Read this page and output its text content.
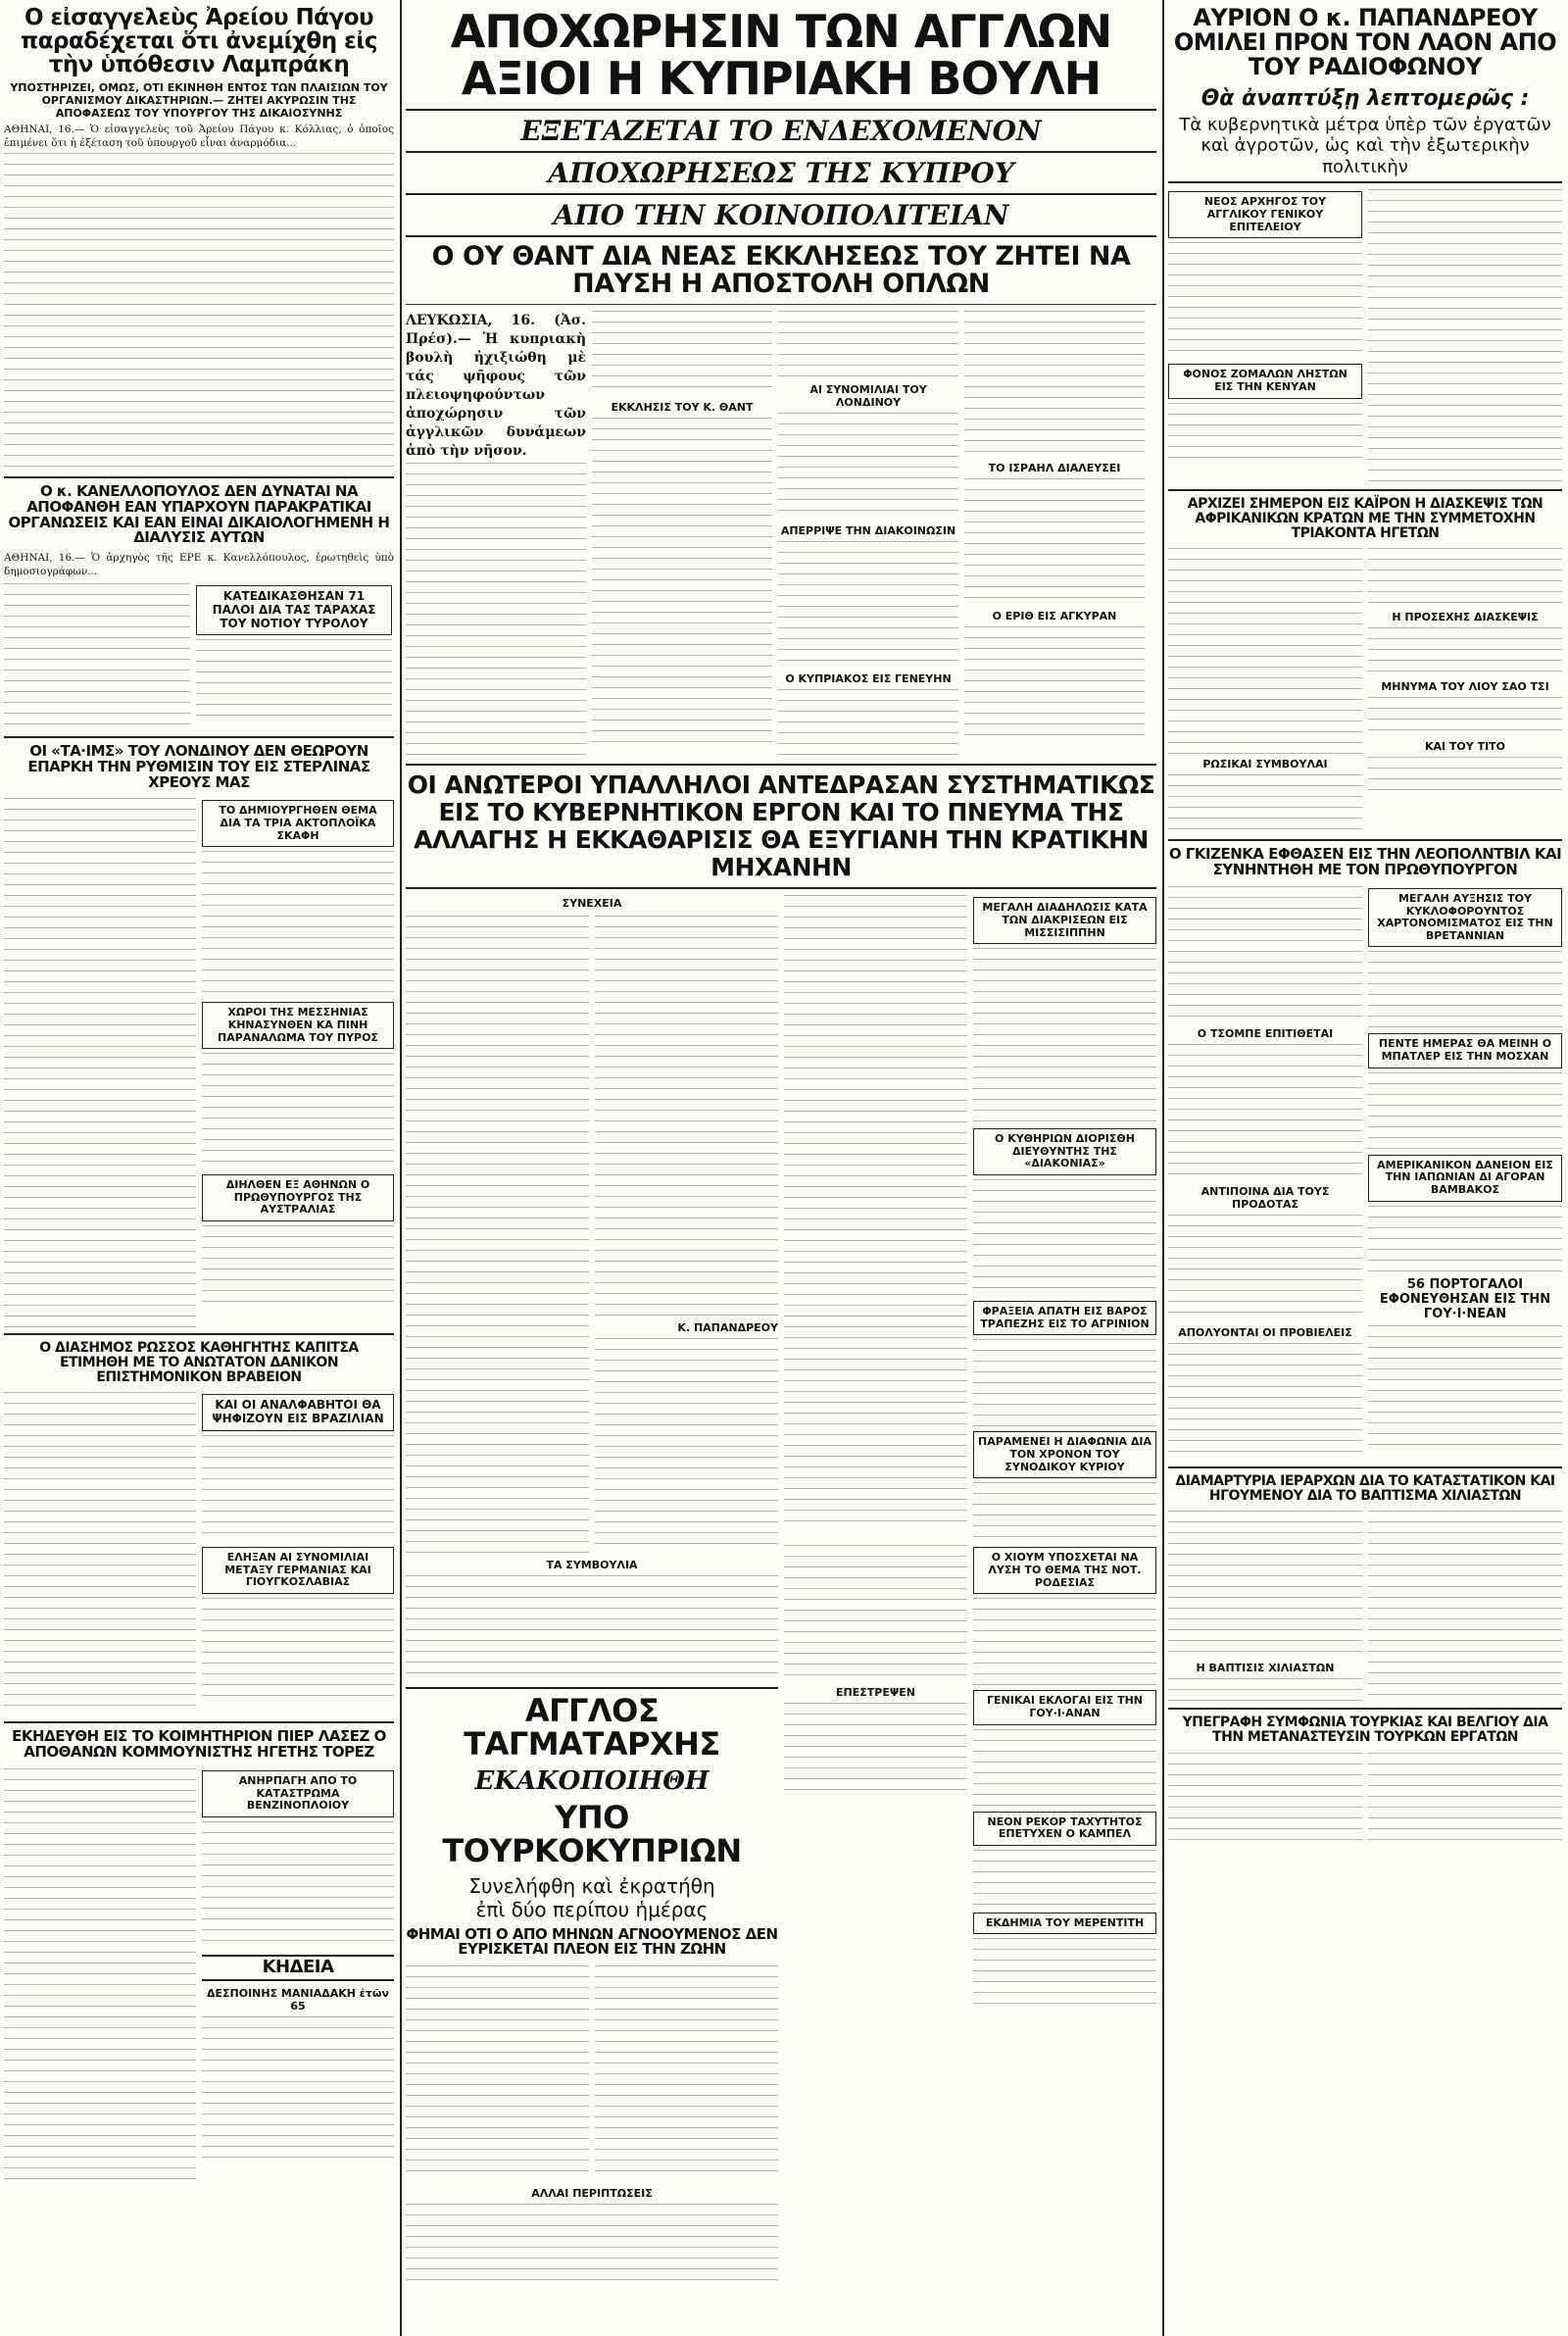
Ο εἰσαγγελεὺς Ἀρείου Πάγου παραδέχεται ὅτι ἀνεμίχθη εἰς τὴν ὑπόθεσιν Λαμπράκη
ΥΠΟΣΤΗΡΙΖΕΙ, ΟΜΩΣ, ΟΤΙ ΕΚΙΝΗΘΗ ΕΝΤΟΣ ΤΩΝ ΠΛΑΙΣΙΩΝ ΤΟΥ ΟΡΓΑΝΙΣΜΟΥ ΔΙΚΑΣΤΗΡΙΩΝ.— ΖΗΤΕΙ ΑΚΥΡΩΣΙΝ ΤΗΣ ΑΠΟΦΑΣΕΩΣ ΤΟΥ ΥΠΟΥΡΓΟΥ ΤΗΣ ΔΙΚΑΙΟΣΥΝΗΣ
ΑΘΗΝΑΙ, 16.— Ὁ εἰσαγγελεὺς τοῦ Ἀρείου Πάγου κ. Κόλλιας, ὁ ὁποῖος ἐπιμένει ὅτι ἡ ἐξέταση τοῦ ὑπουργοῦ εἶναι ἀναρμόδια...
Ο κ. ΚΑΝΕΛΛΟΠΟΥΛΟΣ ΔΕΝ ΔΥΝΑΤΑΙ ΝΑ ΑΠΟΦΑΝΘΗ ΕΑΝ ΥΠΑΡΧΟΥΝ ΠΑΡΑΚΡΑΤΙΚΑΙ ΟΡΓΑΝΩΣΕΙΣ ΚΑΙ ΕΑΝ ΕΙΝΑΙ ΔΙΚΑΙΟΛΟΓΗΜΕΝΗ Η ΔΙΑΛΥΣΙΣ ΑΥΤΩΝ
ΑΘΗΝΑΙ, 16.— Ὁ ἀρχηγὸς τῆς ΕΡΕ κ. Κανελλόπουλος, ἐρωτηθεὶς ὑπὸ δημοσιογράφων...
ΚΑΤΕΔΙΚΑΣΘΗΣΑΝ 71 ΠΑΛΟΙ ΔΙΑ ΤΑΣ ΤΑΡΑΧΑΣ ΤΟΥ ΝΟΤΙΟΥ ΤΥΡΟΛΟΥ
ΟΙ «ΤΑ·ΙΜΣ» ΤΟΥ ΛΟΝΔΙΝΟΥ ΔΕΝ ΘΕΩΡΟΥΝ ΕΠΑΡΚΗ ΤΗΝ ΡΥΘΜΙΣΙΝ ΤΟΥ ΕΙΣ ΣΤΕΡΛΙΝΑΣ ΧΡΕΟΥΣ ΜΑΣ
ΤΟ ΔΗΜΙΟΥΡΓΗΘΕΝ ΘΕΜΑ ΔΙΑ ΤΑ ΤΡΙΑ ΑΚΤΟΠΛΟΪΚΑ ΣΚΑΦΗ
ΧΩΡΟΙ ΤΗΣ ΜΕΣΣΗΝΙΑΣ ΚΗΝΑΣΥΝΘΕΝ ΚΑ ΠΙΝΗ ΠΑΡΑΝΑΛΩΜΑ ΤΟΥ ΠΥΡΟΣ
ΔΙΗΛΘΕΝ ΕΞ ΑΘΗΝΩΝ Ο ΠΡΩΘΥΠΟΥΡΓΟΣ ΤΗΣ ΑΥΣΤΡΑΛΙΑΣ
Ο ΔΙΑΣΗΜΟΣ ΡΩΣΣΟΣ ΚΑΘΗΓΗΤΗΣ ΚΑΠΙΤΣΑ ΕΤΙΜΗΘΗ ΜΕ ΤΟ ΑΝΩΤΑΤΟΝ ΔΑΝΙΚΟΝ ΕΠΙΣΤΗΜΟΝΙΚΟΝ ΒΡΑΒΕΙΟΝ
ΚΑΙ ΟΙ ΑΝΑΛΦΑΒΗΤΟΙ ΘΑ ΨΗΦΙΖΟΥΝ ΕΙΣ ΒΡΑΖΙΛΙΑΝ
ΕΛΗΞΑΝ ΑΙ ΣΥΝΟΜΙΛΙΑΙ ΜΕΤΑΞΥ ΓΕΡΜΑΝΙΑΣ ΚΑΙ ΓΙΟΥΓΚΟΣΛΑΒΙΑΣ
ΕΚΗΔΕΥΘΗ ΕΙΣ ΤΟ ΚΟΙΜΗΤΗΡΙΟΝ ΠΙΕΡ ΛΑΣΕΖ Ο ΑΠΟΘΑΝΩΝ ΚΟΜΜΟΥΝΙΣΤΗΣ ΗΓΕΤΗΣ ΤΟΡΕΖ
ΑΝΗΡΠΑΓΗ ΑΠΟ ΤΟ ΚΑΤΑΣΤΡΩΜΑ ΒΕΝΖΙΝΟΠΛΟΙΟΥ
ΚΗΔΕΙΑ
ΔΕΣΠΟΙΝΗΣ ΜΑΝΙΑΔΑΚΗ ἐτῶν 65
ΑΠΟΧΩΡΗΣΙΝ ΤΩΝ ΑΓΓΛΩΝ
ΑΞΙΟΙ Η ΚΥΠΡΙΑΚΗ ΒΟΥΛΗ
ΕΞΕΤΑΖΕΤΑΙ ΤΟ ΕΝΔΕΧΟΜΕΝΟΝ
ΑΠΟΧΩΡΗΣΕΩΣ ΤΗΣ ΚΥΠΡΟΥ
ΑΠΟ ΤΗΝ ΚΟΙΝΟΠΟΛΙΤΕΙΑΝ
Ο ΟΥ ΘΑΝΤ ΔΙΑ ΝΕΑΣ ΕΚΚΛΗΣΕΩΣ ΤΟΥ ΖΗΤΕΙ ΝΑ ΠΑΥΣΗ Η ΑΠΟΣΤΟΛΗ ΟΠΛΩΝ
ΛΕΥΚΩΣΙΑ, 16. (Ἀσ. Πρέσ).— Ἡ κυπριακὴ βουλὴ ἠχιξιώθη μὲ τάς ψῆφους τῶν πλειοψηφούντων ἀποχώρησιν τῶν ἀγγλικῶν δυνάμεων ἀπὸ τὴν νῆσον.
ΕΚΚΛΗΣΙΣ ΤΟΥ Κ. ΘΑΝΤ
ΑΙ ΣΥΝΟΜΙΛΙΑΙ ΤΟΥ ΛΟΝΔΙΝΟΥ
ΑΠΕΡΡΙΨΕ ΤΗΝ ΔΙΑΚΟΙΝΩΣΙΝ
Ο ΚΥΠΡΙΑΚΟΣ ΕΙΣ ΓΕΝΕΥΗΝ
ΤΟ ΙΣΡΑΗΛ ΔΙΑΛΕΥΣΕΙ
Ο ΕΡΙΘ ΕΙΣ ΑΓΚΥΡΑΝ
ΟΙ ΑΝΩΤΕΡΟΙ ΥΠΑΛΛΗΛΟΙ ΑΝΤΕΔΡΑΣΑΝ ΣΥΣΤΗΜΑΤΙΚΩΣ ΕΙΣ ΤΟ ΚΥΒΕΡΝΗΤΙΚΟΝ ΕΡΓΟΝ ΚΑΙ ΤΟ ΠΝΕΥΜΑ ΤΗΣ ΑΛΛΑΓΗΣ Η ΕΚΚΑΘΑΡΙΣΙΣ ΘΑ ΕΞΥΓΙΑΝΗ ΤΗΝ ΚΡΑΤΙΚΗΝ ΜΗΧΑΝΗΝ
ΣΥΝΕΧΕΙΑ
Κ. ΠΑΠΑΝΔΡΕΟΥ
ΤΑ ΣΥΜΒΟΥΛΙΑ
ΑΓΓΛΟΣ ΤΑΓΜΑΤΑΡΧΗΣ
ΕΚΑΚΟΠΟΙΗΘΗ
ΥΠΟ ΤΟΥΡΚΟΚΥΠΡΙΩΝ
Συνελήφθη καὶ ἐκρατήθη
ἐπὶ δύο περίπου ἡμέρας
ΦΗΜΑΙ ΟΤΙ Ο ΑΠΟ ΜΗΝΩΝ ΑΓΝΟΟΥΜΕΝΟΣ ΔΕΝ ΕΥΡΙΣΚΕΤΑΙ ΠΛΕΟΝ ΕΙΣ ΤΗΝ ΖΩΗΝ
ΑΛΛΑΙ ΠΕΡΙΠΤΩΣΕΙΣ
ΜΕΓΑΛΗ ΔΙΑΔΗΛΩΣΙΣ ΚΑΤΑ ΤΩΝ ΔΙΑΚΡΙΣΕΩΝ ΕΙΣ ΜΙΣΣΙΣΙΠΠΗΝ
Ο ΚΥΘΗΡΙΩΝ ΔΙΟΡΙΣΘΗ ΔΙΕΥΘΥΝΤΗΣ ΤΗΣ «ΔΙΑΚΟΝΙΑΣ»
ΦΡΑΞΕΙΑ ΑΠΑΤΗ ΕΙΣ ΒΑΡΟΣ ΤΡΑΠΕΖΗΣ ΕΙΣ ΤΟ ΑΓΡΙΝΙΟΝ
ΠΑΡΑΜΕΝΕΙ Η ΔΙΑΦΩΝΙΑ ΔΙΑ ΤΟΝ ΧΡΟΝΟΝ ΤΟΥ ΣΥΝΟΔΙΚΟΥ ΚΥΡΙΟΥ
ΕΠΕΣΤΡΕΨΕΝ
Ο ΧΙΟΥΜ ΥΠΟΣΧΕΤΑΙ ΝΑ ΛΥΣΗ ΤΟ ΘΕΜΑ ΤΗΣ ΝΟΤ. ΡΟΔΕΣΙΑΣ
ΓΕΝΙΚΑΙ ΕΚΛΟΓΑΙ ΕΙΣ ΤΗΝ ΓΟΥ·Ι·ΑΝΑΝ
ΝΕΟΝ ΡΕΚΟΡ ΤΑΧΥΤΗΤΟΣ ΕΠΕΤΥΧΕΝ Ο ΚΑΜΠΕΛ
ΕΚΔΗΜΙΑ ΤΟΥ ΜΕΡΕΝΤΙΤΗ
ΑΥΡΙΟΝ Ο κ. ΠΑΠΑΝΔΡΕΟΥ ΟΜΙΛΕΙ ΠΡΟΝ ΤΟΝ ΛΑΟΝ ΑΠΟ ΤΟΥ ΡΑΔΙΟΦΩΝΟΥ
Θὰ ἀναπτύξῃ λεπτομερῶς :
Τὰ κυβερνητικὰ μέτρα ὑπὲρ τῶν ἐργατῶν καὶ ἀγροτῶν, ὡς καὶ τὴν ἐξωτερικὴν πολιτικὴν
ΝΕΟΣ ΑΡΧΗΓΟΣ ΤΟΥ ΑΓΓΛΙΚΟΥ ΓΕΝΙΚΟΥ ΕΠΙΤΕΛΕΙΟΥ
ΦΟΝΟΣ ΖΟΜΑΛΩΝ ΛΗΣΤΩΝ ΕΙΣ ΤΗΝ ΚΕΝΥΑΝ
ΑΡΧΙΖΕΙ ΣΗΜΕΡΟΝ ΕΙΣ ΚΑΪΡΟΝ Η ΔΙΑΣΚΕΨΙΣ ΤΩΝ ΑΦΡΙΚΑΝΙΚΩΝ ΚΡΑΤΩΝ ΜΕ ΤΗΝ ΣΥΜΜΕΤΟΧΗΝ ΤΡΙΑΚΟΝΤΑ ΗΓΕΤΩΝ
ΡΩΣΙΚΑΙ ΣΥΜΒΟΥΛΑΙ
Η ΠΡΟΣΕΧΗΣ ΔΙΑΣΚΕΨΙΣ
ΜΗΝΥΜΑ ΤΟΥ ΛΙΟΥ ΣΑΟ ΤΣΙ
ΚΑΙ ΤΟΥ ΤΙΤΟ
Ο ΓΚΙΖΕΝΚΑ ΕΦΘΑΣΕΝ ΕΙΣ ΤΗΝ ΛΕΟΠΟΛΝΤΒΙΛ ΚΑΙ ΣΥΝΗΝΤΗΘΗ ΜΕ ΤΟΝ ΠΡΩΘΥΠΟΥΡΓΟΝ
Ο ΤΣΟΜΠΕ ΕΠΙΤΙΘΕΤΑΙ
ΑΝΤΙΠΟΙΝΑ ΔΙΑ ΤΟΥΣ ΠΡΟΔΟΤΑΣ
ΑΠΟΛΥΟΝΤΑΙ ΟΙ ΠΡΟΒΙΕΛΕΙΣ
ΜΕΓΑΛΗ ΑΥΞΗΣΙΣ ΤΟΥ ΚΥΚΛΟΦΟΡΟΥΝΤΟΣ ΧΑΡΤΟΝΟΜΙΣΜΑΤΟΣ ΕΙΣ ΤΗΝ ΒΡΕΤΑΝΝΙΑΝ
ΠΕΝΤΕ ΗΜΕΡΑΣ ΘΑ ΜΕΙΝΗ Ο ΜΠΑΤΛΕΡ ΕΙΣ ΤΗΝ ΜΟΣΧΑΝ
ΑΜΕΡΙΚΑΝΙΚΟΝ ΔΑΝΕΙΟΝ ΕΙΣ ΤΗΝ ΙΑΠΩΝΙΑΝ ΔΙ ΑΓΟΡΑΝ ΒΑΜΒΑΚΟΣ
56 ΠΟΡΤΟΓΑΛΟΙ ΕΦΟΝΕΥΘΗΣΑΝ ΕΙΣ ΤΗΝ ΓΟΥ·Ι·ΝΕΑΝ
ΔΙΑΜΑΡΤΥΡΙΑ ΙΕΡΑΡΧΩΝ ΔΙΑ ΤΟ ΚΑΤΑΣΤΑΤΙΚΟΝ ΚΑΙ ΗΓΟΥΜΕΝΟΥ ΔΙΑ ΤΟ ΒΑΠΤΙΣΜΑ ΧΙΛΙΑΣΤΩΝ
Η ΒΑΠΤΙΣΙΣ ΧΙΛΙΑΣΤΩΝ
ΥΠΕΓΡΑΦΗ ΣΥΜΦΩΝΙΑ ΤΟΥΡΚΙΑΣ ΚΑΙ ΒΕΛΓΙΟΥ ΔΙΑ ΤΗΝ ΜΕΤΑΝΑΣΤΕΥΣΙΝ ΤΟΥΡΚΩΝ ΕΡΓΑΤΩΝ
